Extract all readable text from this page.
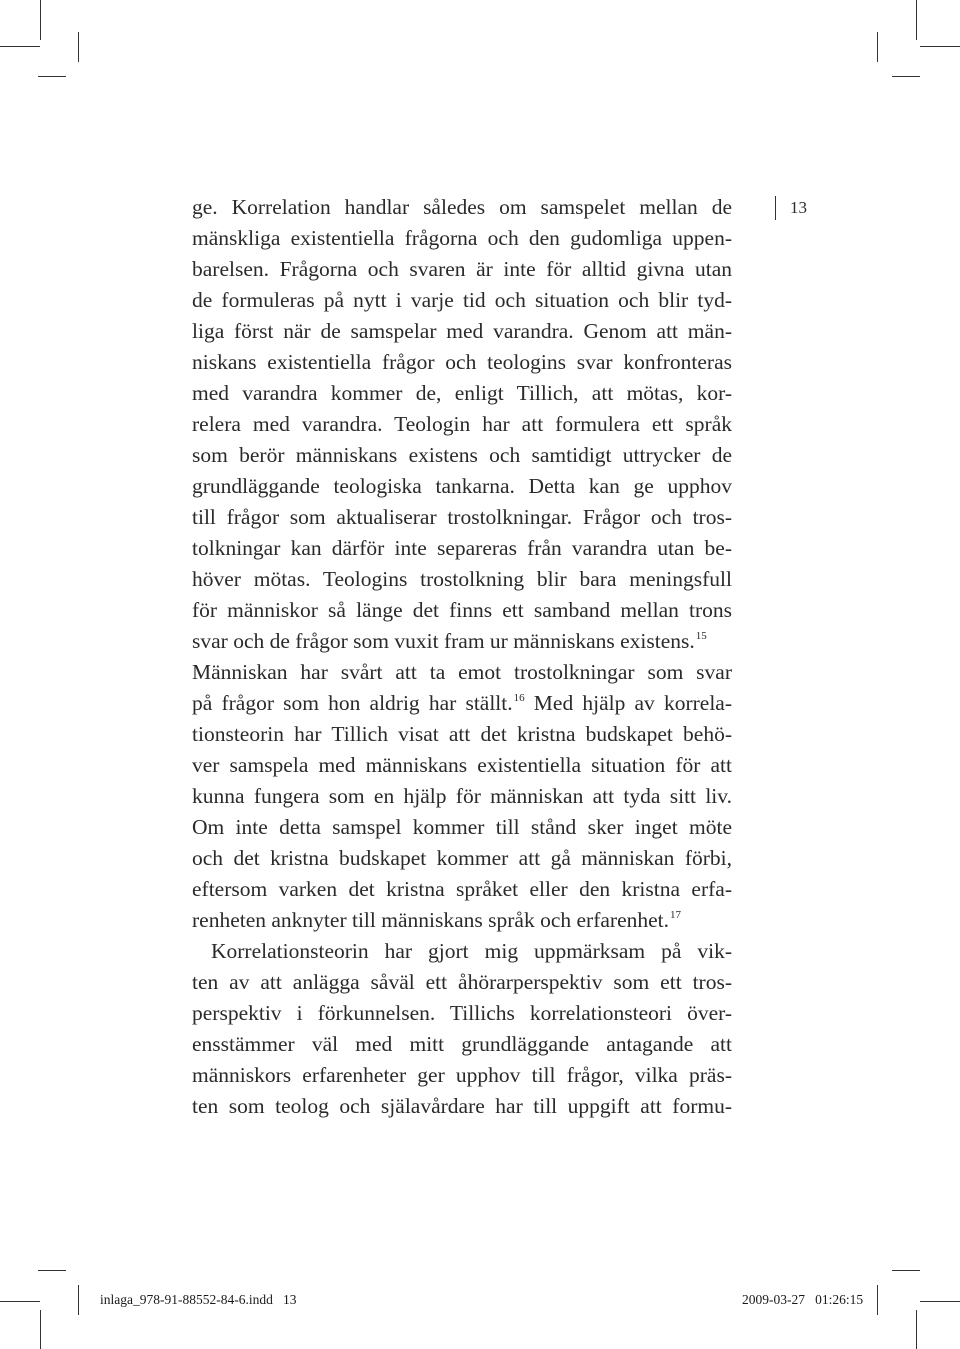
13
ge. Korrelation handlar således om samspelet mellan de
mänskliga existentiella frågorna och den gudomliga uppen-
barelsen. Frågorna och svaren är inte för alltid givna utan
de formuleras på nytt i varje tid och situation och blir tyd-
liga först när de samspelar med varandra. Genom att män-
niskans existentiella frågor och teologins svar konfronteras
med varandra kommer de, enligt Tillich, att mötas, kor-
relera med varandra. Teologin har att formulera ett språk
som berör människans existens och samtidigt uttrycker de
grundläggande teologiska tankarna. Detta kan ge upphov
till frågor som aktualiserar trostolkningar. Frågor och tros-
tolkningar kan därför inte separeras från varandra utan be-
höver mötas. Teologins trostolkning blir bara meningsfull
för människor så länge det finns ett samband mellan trons
svar och de frågor som vuxit fram ur människans existens.$^{15}$
Människan har svårt att ta emot trostolkningar som svar
på frågor som hon aldrig har ställt.$^{16}$ Med hjälp av korrela-
tionsteorin har Tillich visat att det kristna budskapet behö-
ver samspela med människans existentiella situation för att
kunna fungera som en hjälp för människan att tyda sitt liv.
Om inte detta samspel kommer till stånd sker inget möte
och det kristna budskapet kommer att gå människan förbi,
eftersom varken det kristna språket eller den kristna erfa-
renheten anknyter till människans språk och erfarenhet.$^{17}$
Korrelationsteorin har gjort mig uppmärksam på vik-
ten av att anlägga såväl ett åhörarperspektiv som ett tros-
perspektiv i förkunnelsen. Tillichs korrelationsteori över-
ensstämmer väl med mitt grundläggande antagande att
människors erfarenheter ger upphov till frågor, vilka präs-
ten som teolog och själavårdare har till uppgift att formu-
inlaga_978-91-88552-84-6.indd   13	2009-03-27   01:26:15
